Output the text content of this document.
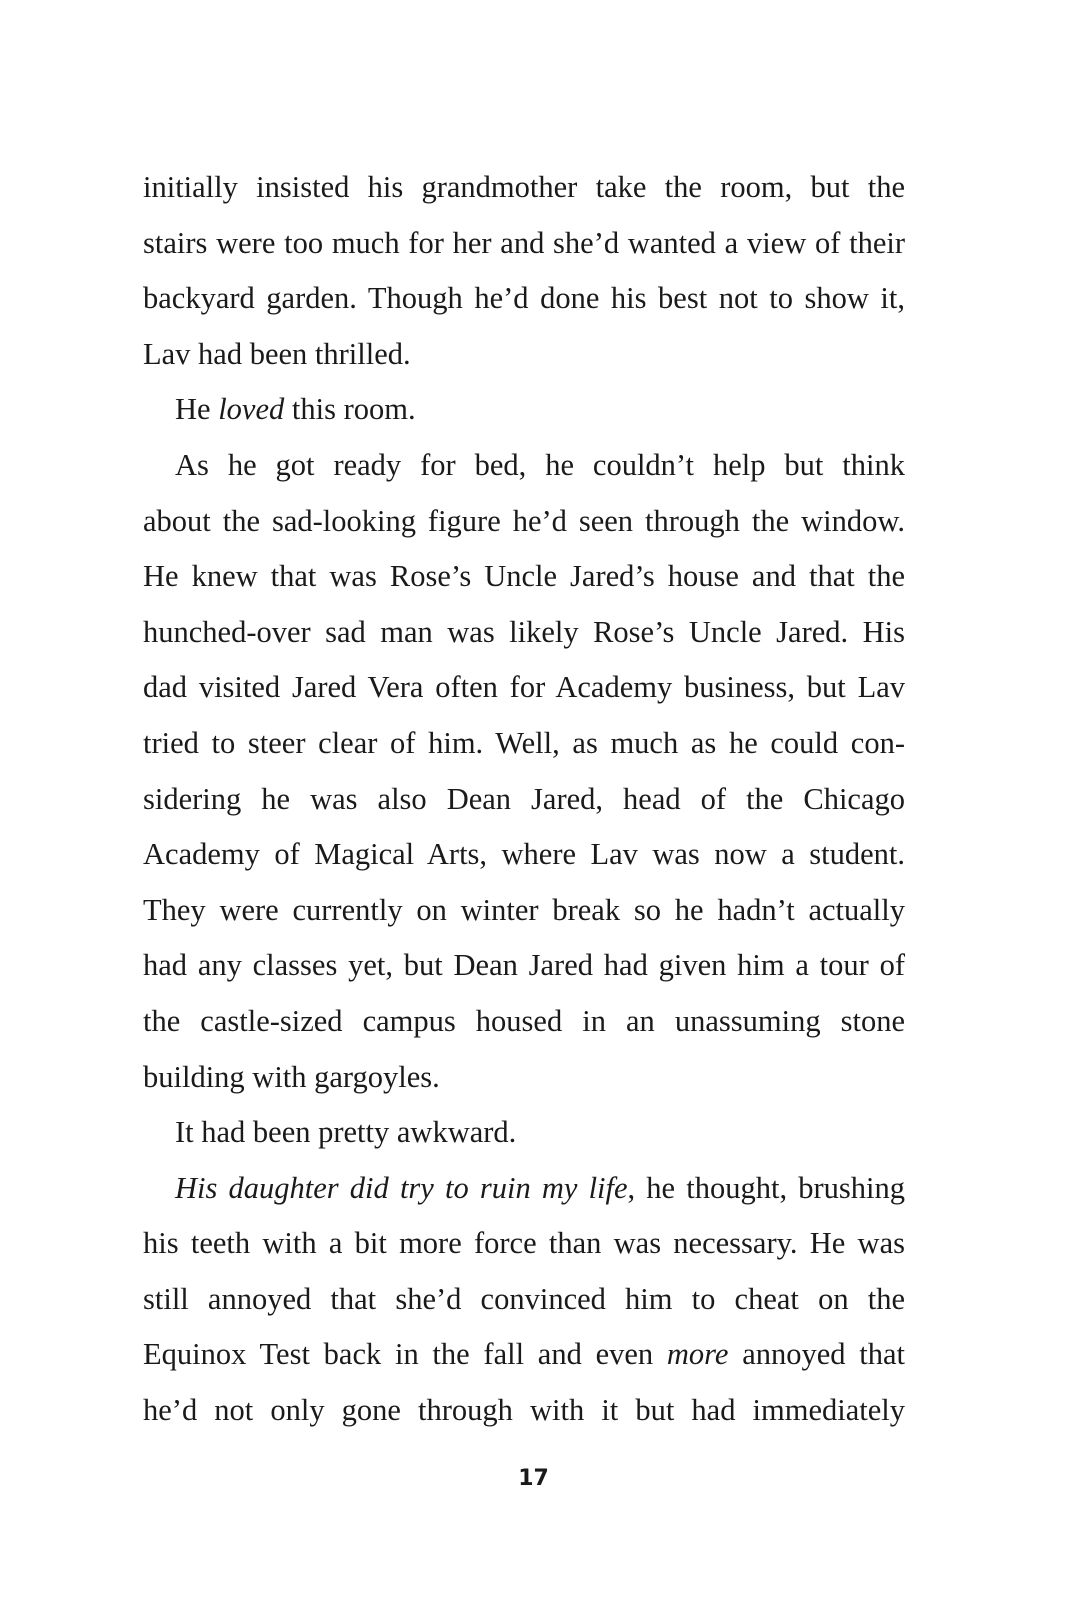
initially insisted his grandmother take the room, but the
stairs were too much for her and she’d wanted a view of their
backyard garden. Though he’d done his best not to show it,
Lav had been thrilled.
He loved this room.
As he got ready for bed, he couldn’t help but think
about the sad-looking figure he’d seen through the window.
He knew that was Rose’s Uncle Jared’s house and that the
hunched-over sad man was likely Rose’s Uncle Jared. His
dad visited Jared Vera often for Academy business, but Lav
tried to steer clear of him. Well, as much as he could con-
sidering he was also Dean Jared, head of the Chicago
Academy of Magical Arts, where Lav was now a student.
They were currently on winter break so he hadn’t actually
had any classes yet, but Dean Jared had given him a tour of
the castle-sized campus housed in an unassuming stone
building with gargoyles.
It had been pretty awkward.
His daughter did try to ruin my life, he thought, brushing
his teeth with a bit more force than was necessary. He was
still annoyed that she’d convinced him to cheat on the
Equinox Test back in the fall and even more annoyed that
he’d not only gone through with it but had immediately
17
